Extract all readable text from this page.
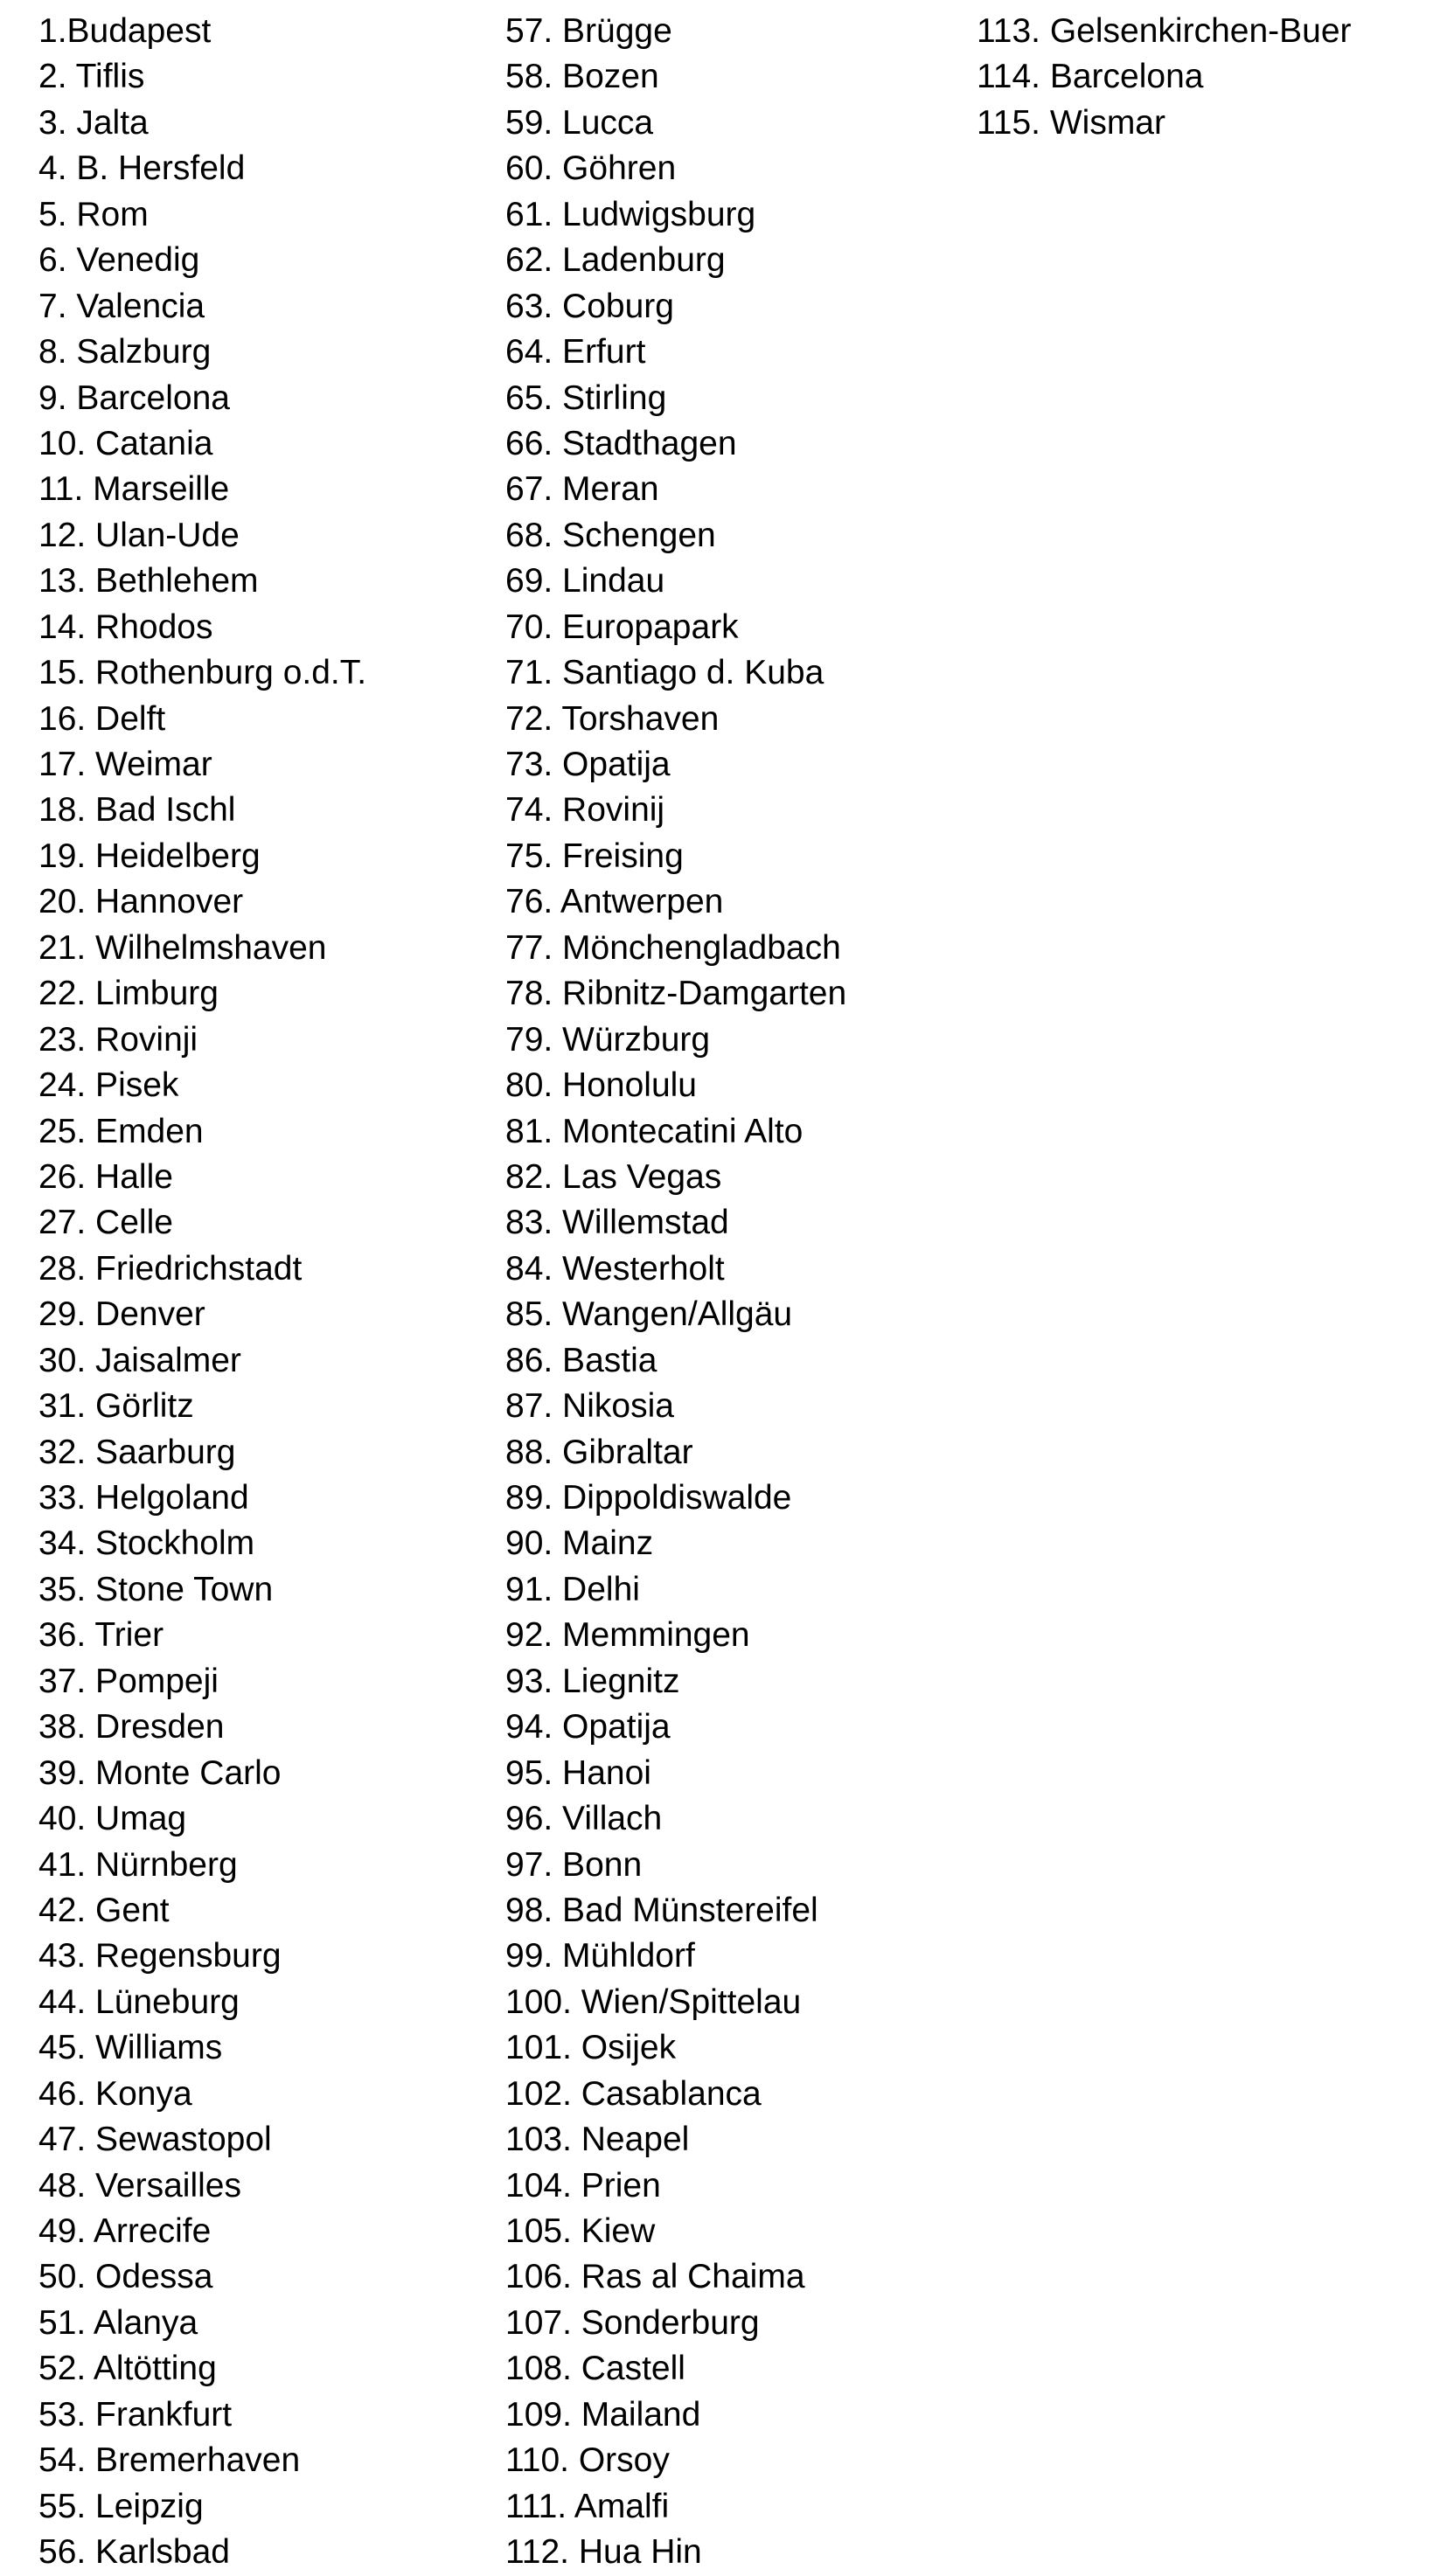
1.Budapest
2. Tiflis
3. Jalta
4. B. Hersfeld
5. Rom
6. Venedig
7. Valencia
8. Salzburg
9. Barcelona
10. Catania
11. Marseille
12. Ulan-Ude
13. Bethlehem
14. Rhodos
15. Rothenburg o.d.T.
16. Delft
17. Weimar
18. Bad Ischl
19. Heidelberg
20. Hannover
21. Wilhelmshaven
22. Limburg
23. Rovinji
24. Pisek
25. Emden
26. Halle
27. Celle
28. Friedrichstadt
29. Denver
30. Jaisalmer
31. Görlitz
32. Saarburg
33. Helgoland
34. Stockholm
35. Stone Town
36. Trier
37. Pompeji
38. Dresden
39. Monte Carlo
40. Umag
41. Nürnberg
42. Gent
43. Regensburg
44. Lüneburg
45. Williams
46. Konya
47. Sewastopol
48. Versailles
49. Arrecife
50. Odessa
51. Alanya
52. Altötting
53. Frankfurt
54. Bremerhaven
55. Leipzig
56. Karlsbad
57. Brügge
58. Bozen
59. Lucca
60. Göhren
61. Ludwigsburg
62. Ladenburg
63. Coburg
64. Erfurt
65. Stirling
66. Stadthagen
67. Meran
68. Schengen
69. Lindau
70. Europapark
71. Santiago d. Kuba
72. Torshaven
73. Opatija
74. Rovinij
75. Freising
76. Antwerpen
77. Mönchengladbach
78. Ribnitz-Damgarten
79. Würzburg
80. Honolulu
81. Montecatini Alto
82. Las Vegas
83. Willemstad
84. Westerholt
85. Wangen/Allgäu
86. Bastia
87. Nikosia
88. Gibraltar
89. Dippoldiswalde
90. Mainz
91. Delhi
92. Memmingen
93. Liegnitz
94. Opatija
95. Hanoi
96. Villach
97. Bonn
98. Bad Münstereifel
99. Mühldorf
100. Wien/Spittelau
101. Osijek
102. Casablanca
103. Neapel
104. Prien
105. Kiew
106. Ras al Chaima
107. Sonderburg
108. Castell
109. Mailand
110. Orsoy
111. Amalfi
112. Hua Hin
113. Gelsenkirchen-Buer
114. Barcelona
115. Wismar
